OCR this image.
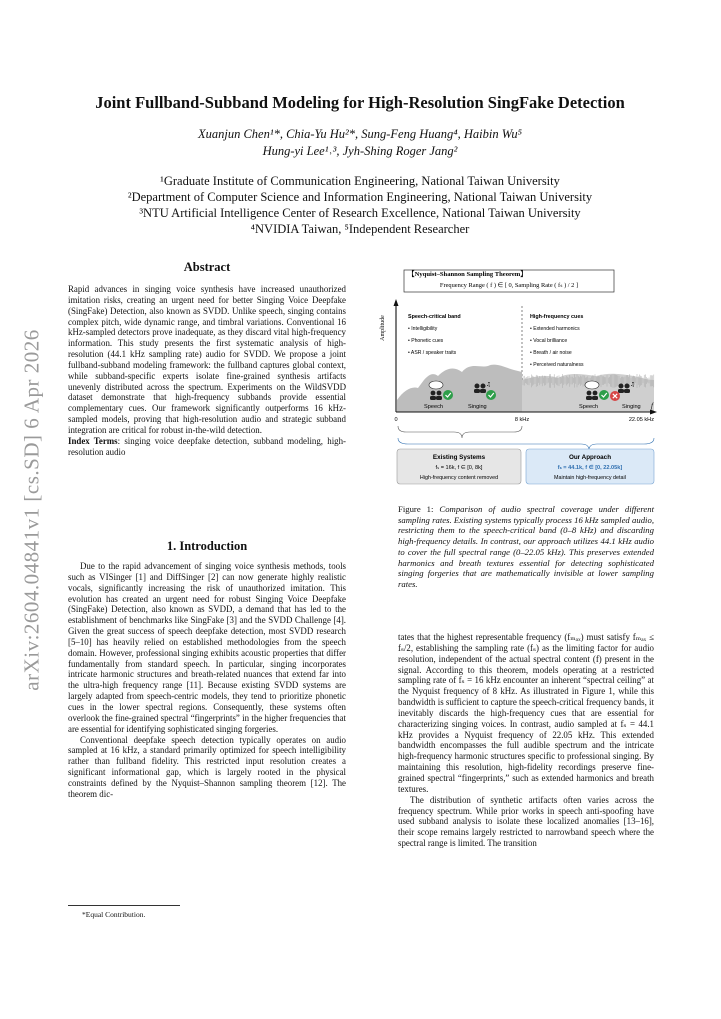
arXiv:2604.04841v1 [cs.SD] 6 Apr 2026
Joint Fullband-Subband Modeling for High-Resolution SingFake Detection
Xuanjun Chen¹*, Chia-Yu Hu²*, Sung-Feng Huang⁴, Haibin Wu⁵
Hung-yi Lee¹˒³, Jyh-Shing Roger Jang²
¹Graduate Institute of Communication Engineering, National Taiwan University
²Department of Computer Science and Information Engineering, National Taiwan University
³NTU Artificial Intelligence Center of Research Excellence, National Taiwan University
⁴NVIDIA Taiwan, ⁵Independent Researcher
Abstract

Rapid advances in singing voice synthesis have increased unauthorized imitation risks, creating an urgent need for better Singing Voice Deepfake (SingFake) Detection, also known as SVDD. Unlike speech, singing contains complex pitch, wide dynamic range, and timbral variations. Conventional 16 kHz-sampled detectors prove inadequate, as they discard vital high-frequency information. This study presents the first systematic analysis of high-resolution (44.1 kHz sampling rate) audio for SVDD. We propose a joint fullband-subband modeling framework: the fullband captures global context, while subband-specific experts isolate fine-grained synthesis artifacts unevenly distributed across the spectrum. Experiments on the WildSVDD dataset demonstrate that high-frequency subbands provide essential complementary cues. Our framework significantly outperforms 16 kHz-sampled models, proving that high-resolution audio and strategic subband integration are critical for robust in-the-wild detection.

Index Terms: singing voice deepfake detection, subband modeling, high-resolution audio

1. Introduction

Due to the rapid advancement of singing voice synthesis methods, tools such as VISinger [1] and DiffSinger [2] can now generate highly realistic vocals, significantly increasing the risk of unauthorized imitation. This evolution has created an urgent need for robust Singing Voice Deepfake (SingFake) Detection, also known as SVDD, a demand that has led to the establishment of benchmarks like SingFake [3] and the SVDD Challenge [4]. Given the great success of speech deepfake detection, most SVDD research [5–10] has heavily relied on established methodologies from the speech domain. However, professional singing exhibits acoustic properties that differ fundamentally from standard speech. In particular, singing incorporates intricate harmonic structures and breath-related nuances that extend far into the ultra-high frequency range [11]. Because existing SVDD systems are largely adapted from speech-centric models, they tend to prioritize phonetic cues in the lower spectral regions. Consequently, these systems often overlook the fine-grained spectral “fingerprints” in the higher frequencies that are essential for identifying sophisticated singing forgeries.

Conventional deepfake speech detection typically operates on audio sampled at 16 kHz, a standard primarily optimized for speech intelligibility rather than fullband fidelity. This restricted input resolution creates a significant informational gap, which is largely rooted in the physical constraints defined by the Nyquist–Shannon sampling theorem [12]. The theorem dic-

*Equal Contribution.
【Nyquist–Shannon Sampling Theorem】
Frequency Range ( f ) ∈ [ 0, Sampling Rate ( fₛ ) / 2 ]
Amplitude	Speech-critical band
• Intelligibility
• Phonetic cues
• ASR / speaker traits
High-frequency cues
• Extended harmonics
• Vocal brilliance
• Breath / air noise
• Perceived naturalness
Speech
♫
Singing	Speech
♫
Singing f
0	8 kHz	22.05 kHz
Existing Systems
fₛ = 16k, f ∈ [0, 8k]
High-frequency content removed
Our Approach
fₛ = 44.1k, f ∈ [0, 22.05k]
Maintain high-frequency detail
Figure 1: Comparison of audio spectral coverage under different sampling rates. Existing systems typically process 16 kHz sampled audio, restricting them to the speech-critical band (0–8 kHz) and discarding high-frequency details. In contrast, our approach utilizes 44.1 kHz audio to cover the full spectral range (0–22.05 kHz). This preserves extended harmonics and breath textures essential for detecting sophisticated singing forgeries that are mathematically invisible at lower sampling rates.

tates that the highest representable frequency (fₘₐₓ) must satisfy fₘₐₓ ≤ fₛ/2, establishing the sampling rate (fₛ) as the limiting factor for audio resolution, independent of the actual spectral content (f) present in the signal. According to this theorem, models operating at a restricted sampling rate of fₛ = 16 kHz encounter an inherent “spectral ceiling” at the Nyquist frequency of 8 kHz. As illustrated in Figure 1, while this bandwidth is sufficient to capture the speech-critical frequency bands, it inevitably discards the high-frequency cues that are essential for characterizing singing voices. In contrast, audio sampled at fₛ = 44.1 kHz provides a Nyquist frequency of 22.05 kHz. This extended bandwidth encompasses the full audible spectrum and the intricate high-frequency harmonic structures specific to professional singing. By maintaining this resolution, high-fidelity recordings preserve fine-grained spectral “fingerprints,” such as extended harmonics and breath textures.

The distribution of synthetic artifacts often varies across the frequency spectrum. While prior works in speech anti-spoofing have used subband analysis to isolate these localized anomalies [13–16], their scope remains largely restricted to narrowband speech where the spectral range is limited. The transition
